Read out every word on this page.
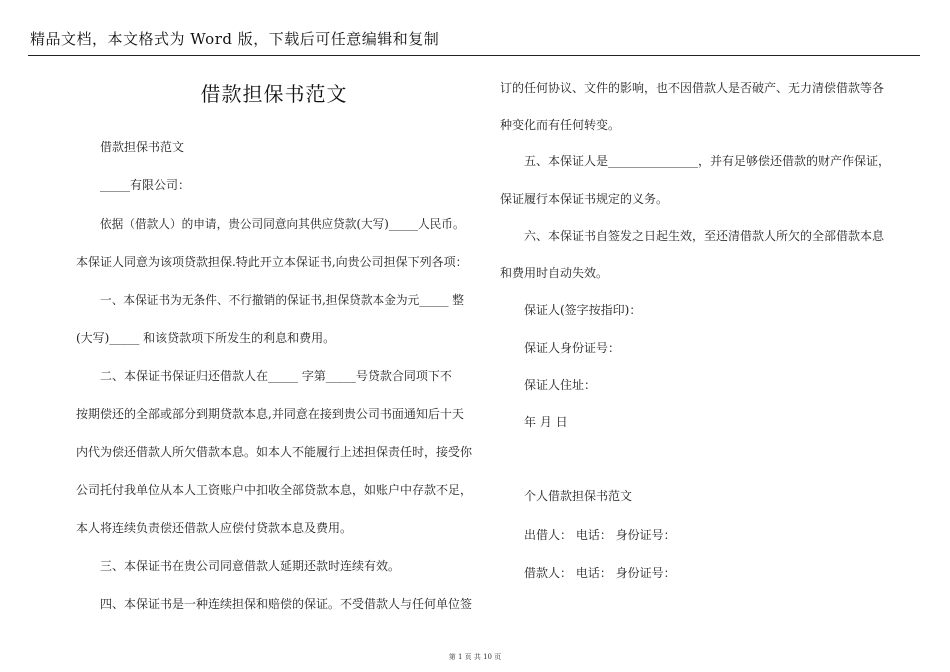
精品文档，本文格式为 Word 版，下载后可任意编辑和复制
借款担保书范文
借款担保书范文
_____有限公司：
依据（借款人）的申请，贵公司同意向其供应贷款(大写)_____人民币。
本保证人同意为该项贷款担保.特此开立本保证书,向贵公司担保下列各项：
一、本保证书为无条件、不行撤销的保证书,担保贷款本金为元_____ 整
(大写)_____ 和该贷款项下所发生的利息和费用。
二、本保证书保证归还借款人在_____ 字第_____号贷款合同项下不
按期偿还的全部或部分到期贷款本息,并同意在接到贵公司书面通知后十天
内代为偿还借款人所欠借款本息。如本人不能履行上述担保责任时，接受你
公司托付我单位从本人工资账户中扣收全部贷款本息，如账户中存款不足，
本人将连续负责偿还借款人应偿付贷款本息及费用。
三、本保证书在贵公司同意借款人延期还款时连续有效。
四、本保证书是一种连续担保和赔偿的保证。不受借款人与任何单位签
订的任何协议、文件的影响，也不因借款人是否破产、无力清偿借款等各
种变化而有任何转变。
五、本保证人是_______________，并有足够偿还借款的财产作保证，
保证履行本保证书规定的义务。
六、本保证书自签发之日起生效，至还清借款人所欠的全部借款本息
和费用时自动失效。
保证人(签字按指印)：
保证人身份证号：
保证人住址：
年 月 日
个人借款担保书范文
出借人： 电话： 身份证号：
借款人： 电话： 身份证号：
第 1 页 共 10 页
